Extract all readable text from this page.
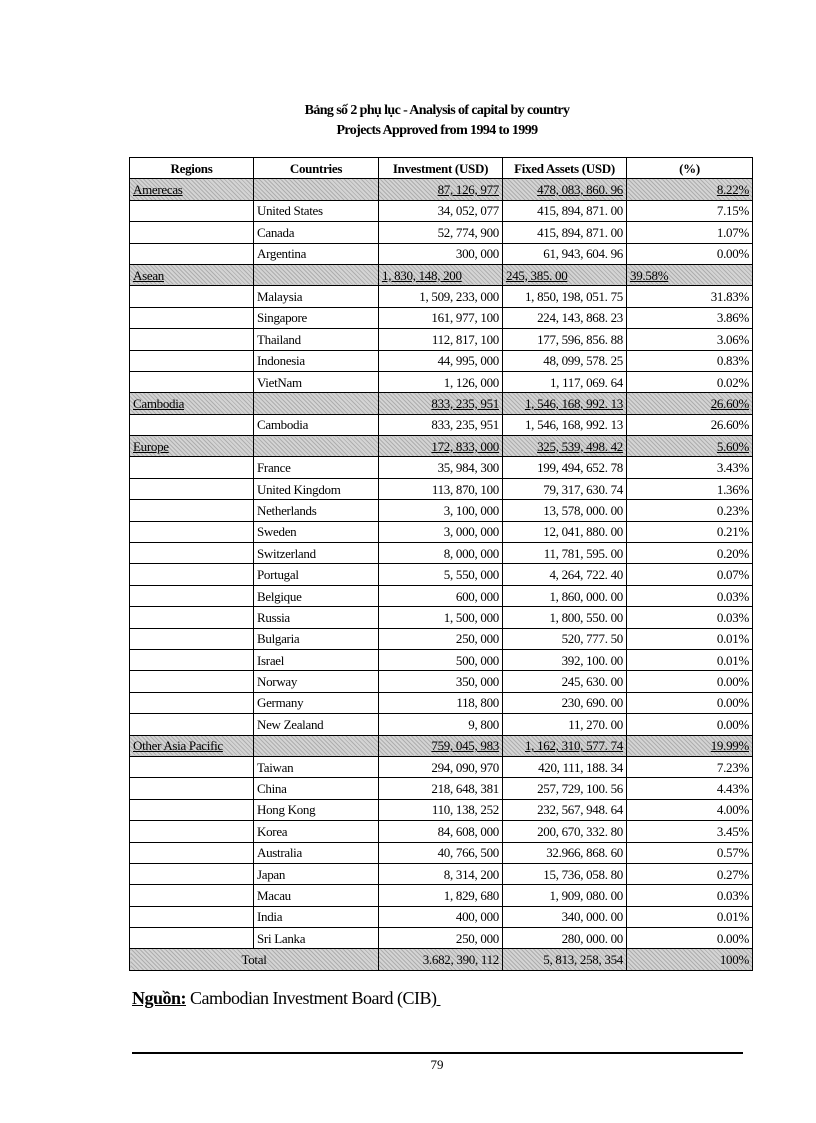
Bảng số 2 phụ lục - Analysis of capital by country
Projects Approved from 1994 to 1999
Regions	Countries	Investment (USD)	Fixed Assets (USD)	(%)
Amerecas		87, 126, 977	478, 083, 860. 96	8.22%
	United States	34, 052, 077	415, 894, 871. 00	7.15%
	Canada	52, 774, 900	415, 894, 871. 00	1.07%
	Argentina	300, 000	61, 943, 604. 96	0.00%
Asean		1, 830, 148, 200	245, 385. 00	39.58%
	Malaysia	1, 509, 233, 000	1, 850, 198, 051. 75	31.83%
	Singapore	161, 977, 100	224, 143, 868. 23	3.86%
	Thailand	112, 817, 100	177, 596, 856. 88	3.06%
	Indonesia	44, 995, 000	48, 099, 578. 25	0.83%
	VietNam	1, 126, 000	1, 117, 069. 64	0.02%
Cambodia		833, 235, 951	1, 546, 168, 992. 13	26.60%
	Cambodia	833, 235, 951	1, 546, 168, 992. 13	26.60%
Europe		172, 833, 000	325, 539, 498. 42	5.60%
	France	35, 984, 300	199, 494, 652. 78	3.43%
	United Kingdom	113, 870, 100	79, 317, 630. 74	1.36%
	Netherlands	3, 100, 000	13, 578, 000. 00	0.23%
	Sweden	3, 000, 000	12, 041, 880. 00	0.21%
	Switzerland	8, 000, 000	11, 781, 595. 00	0.20%
	Portugal	5, 550, 000	4, 264, 722. 40	0.07%
	Belgique	600, 000	1, 860, 000. 00	0.03%
	Russia	1, 500, 000	1, 800, 550. 00	0.03%
	Bulgaria	250, 000	520, 777. 50	0.01%
	Israel	500, 000	392, 100. 00	0.01%
	Norway	350, 000	245, 630. 00	0.00%
	Germany	118, 800	230, 690. 00	0.00%
	New Zealand	9, 800	11, 270. 00	0.00%
Other Asia Pacific		759, 045, 983	1, 162, 310, 577. 74	19.99%
	Taiwan	294, 090, 970	420, 111, 188. 34	7.23%
	China	218, 648, 381	257, 729, 100. 56	4.43%
	Hong Kong	110, 138, 252	232, 567, 948. 64	4.00%
	Korea	84, 608, 000	200, 670, 332. 80	3.45%
	Australia	40, 766, 500	32.966, 868. 60	0.57%
	Japan	8, 314, 200	15, 736, 058. 80	0.27%
	Macau	1, 829, 680	1, 909, 080. 00	0.03%
	India	400, 000	340, 000. 00	0.01%
	Sri Lanka	250, 000	280, 000. 00	0.00%
Total		3.682, 390, 112	5, 813, 258, 354	100%
Nguồn: Cambodian Investment Board (CIB)
79
